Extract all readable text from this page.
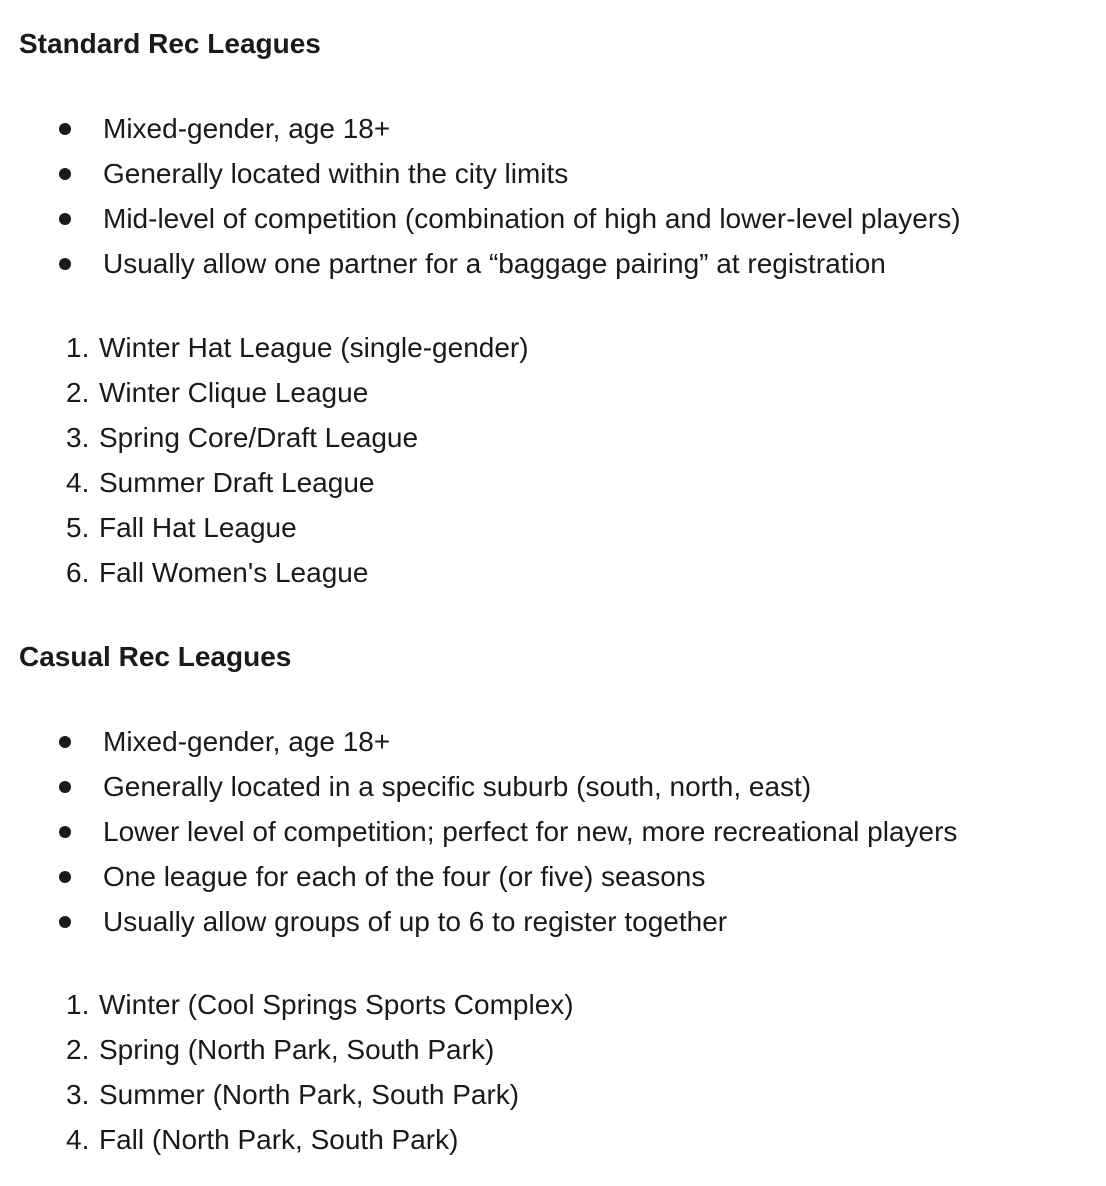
Standard Rec Leagues
Mixed-gender, age 18+
Generally located within the city limits
Mid-level of competition (combination of high and lower-level players)
Usually allow one partner for a “baggage pairing” at registration
1. Winter Hat League (single-gender)
2. Winter Clique League
3. Spring Core/Draft League
4. Summer Draft League
5. Fall Hat League
6. Fall Women's League
Casual Rec Leagues
Mixed-gender, age 18+
Generally located in a specific suburb (south, north, east)
Lower level of competition; perfect for new, more recreational players
One league for each of the four (or five) seasons
Usually allow groups of up to 6 to register together
1. Winter (Cool Springs Sports Complex)
2. Spring (North Park, South Park)
3. Summer (North Park, South Park)
4. Fall (North Park, South Park)
